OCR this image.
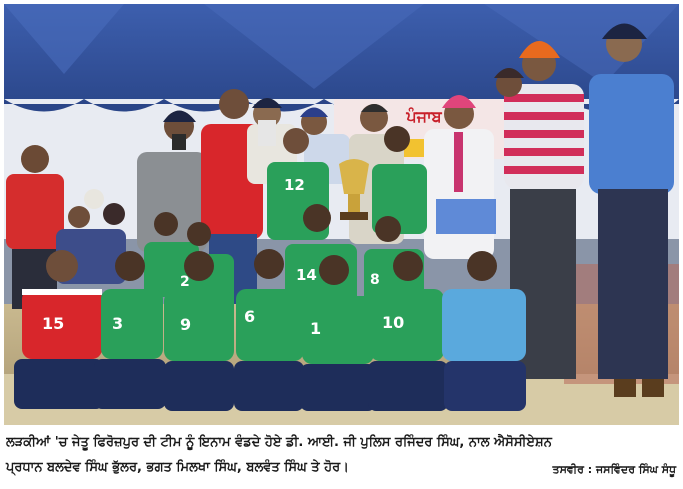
ਪੰਜਾਬ
12
14	8
2
15	3	9	6
1	10
ਲੜਕੀਆਂ 'ਚ ਜੇਤੂ ਫਿਰੋਜ਼ਪੁਰ ਦੀ ਟੀਮ ਨੂੰ ਇਨਾਮ ਵੰਡਦੇ ਹੋਏ ਡੀ. ਆਈ. ਜੀ ਪੁਲਿਸ ਰਜਿੰਦਰ ਸਿੰਘ, ਨਾਲ ਐਸੋਸੀਏਸ਼ਨ
ਪ੍ਰਧਾਨ ਬਲਦੇਵ ਸਿੰਘ ਭੁੱਲਰ, ਭਗਤ ਮਿਲਖਾ ਸਿੰਘ, ਬਲਵੰਤ ਸਿੰਘ ਤੇ ਹੋਰ।	ਤਸਵੀਰ : ਜਸਵਿੰਦਰ ਸਿੰਘ ਸੰਧੂ
